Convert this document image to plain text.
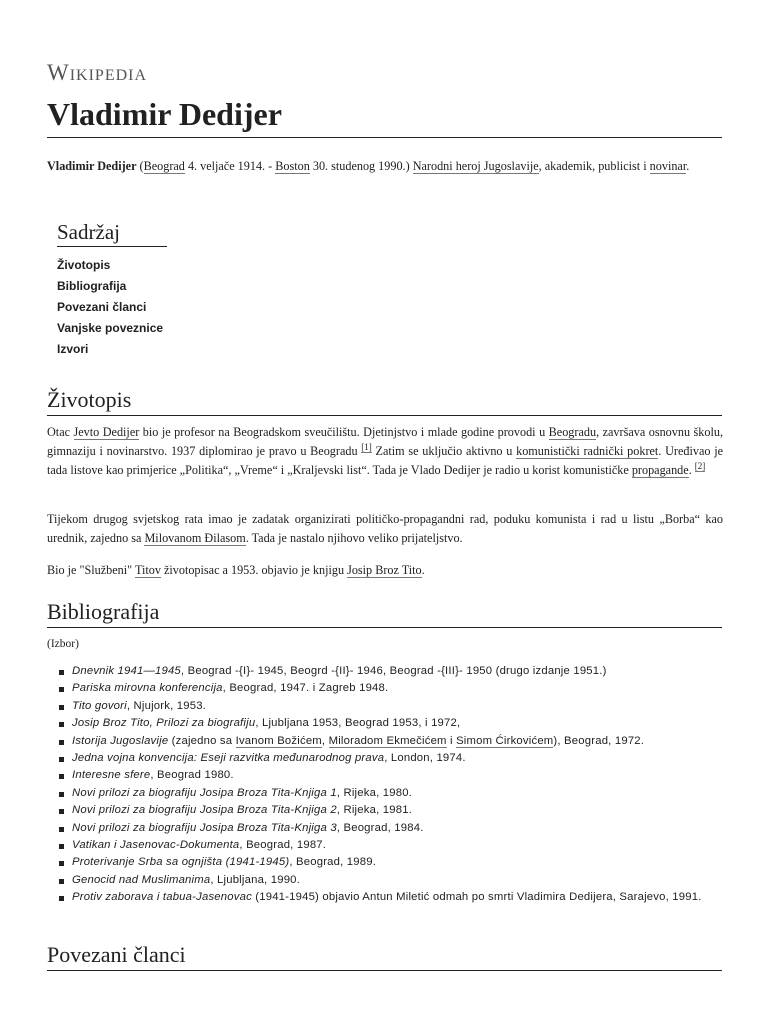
Wikipedia
Vladimir Dedijer
Vladimir Dedijer (Beograd 4. veljače 1914. - Boston 30. studenog 1990.) Narodni heroj Jugoslavije, akademik, publicist i novinar.
Sadržaj
Životopis
Bibliografija
Povezani članci
Vanjske poveznice
Izvori
Životopis

Otac Jevto Dedijer bio je profesor na Beogradskom sveučilištu. Djetinjstvo i mlade godine provodi u Beogradu, završava osnovnu školu, gimnaziju i novinarstvo. 1937 diplomirao je pravo u Beogradu [1] Zatim se uključio aktivno u komunistički radnički pokret. Uređivao je tada listove kao primjerice „Politika“, „Vreme“ i „Kraljevski list“. Tada je Vlado Dedijer je radio u korist komunističke propagande. [2]

Tijekom drugog svjetskog rata imao je zadatak organizirati političko-propagandni rad, poduku komunista i rad u listu „Borba“ kao urednik, zajedno sa Milovanom Đilasom. Tada je nastalo njihovo veliko prijateljstvo.

Bio je "Službeni" Titov životopisac a 1953. objavio je knjigu Josip Broz Tito.

Bibliografija
(Izbor)
Dnevnik 1941—1945, Beograd -{I}- 1945, Beogrd -{II}- 1946, Beograd -{III}- 1950 (drugo izdanje 1951.)
Pariska mirovna konferencija, Beograd, 1947. i Zagreb 1948.
Tito govori, Njujork, 1953.
Josip Broz Tito, Prilozi za biografiju, Ljubljana 1953, Beograd 1953, i 1972,
Istorija Jugoslavije (zajedno sa Ivanom Božićem, Miloradom Ekmečićem i Simom Ćirkovićem), Beograd, 1972.
Jedna vojna konvencija: Eseji razvitka međunarodnog prava, London, 1974.
Interesne sfere, Beograd 1980.
Novi prilozi za biografiju Josipa Broza Tita-Knjiga 1, Rijeka, 1980.
Novi prilozi za biografiju Josipa Broza Tita-Knjiga 2, Rijeka, 1981.
Novi prilozi za biografiju Josipa Broza Tita-Knjiga 3, Beograd, 1984.
Vatikan i Jasenovac-Dokumenta, Beograd, 1987.
Proterivanje Srba sa ognjišta (1941-1945), Beograd, 1989.
Genocid nad Muslimanima, Ljubljana, 1990.
Protiv zaborava i tabua-Jasenovac (1941-1945) objavio Antun Miletić odmah po smrti Vladimira Dedijera, Sarajevo, 1991.
Povezani članci
